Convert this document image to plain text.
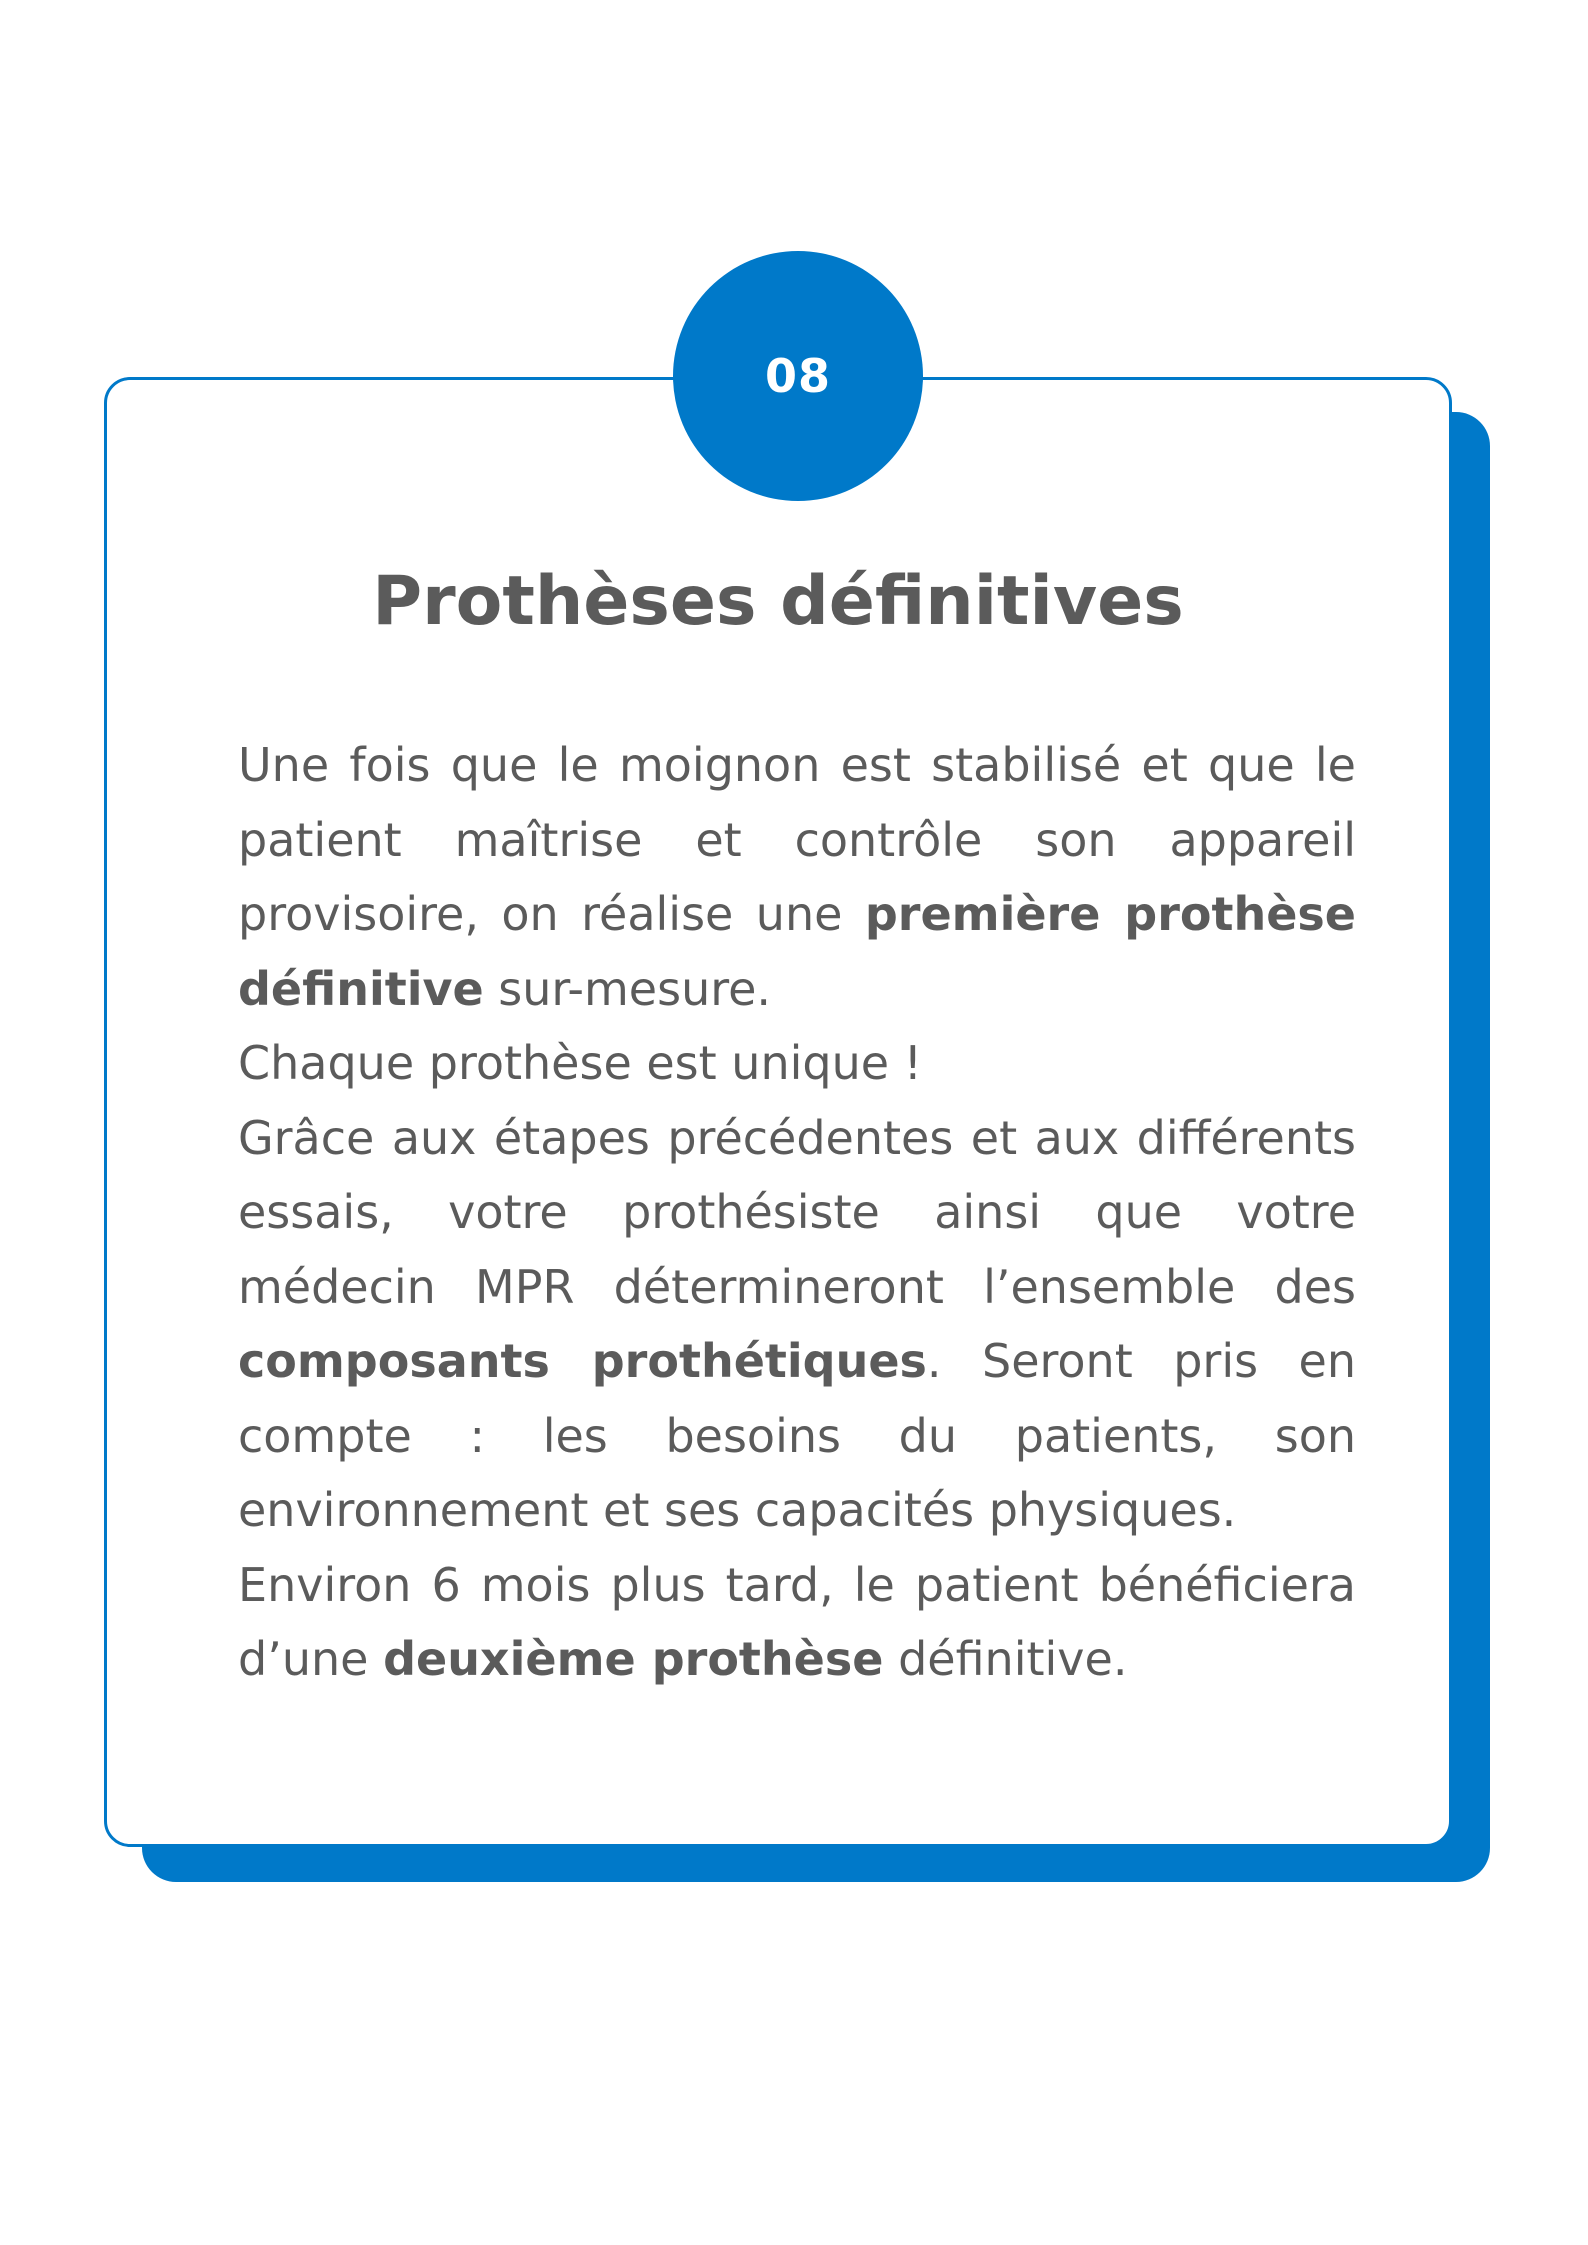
08
Prothèses définitives

Une fois que le moignon est stabilisé et que le patient maîtrise et contrôle son appareil provisoire, on réalise une première prothèse définitive sur-mesure.

Chaque prothèse est unique !

Grâce aux étapes précédentes et aux différents essais, votre prothésiste ainsi que votre médecin MPR détermineront l’ensemble des composants prothétiques. Seront pris en compte : les besoins du patients, son environnement et ses capacités physiques.

Environ 6 mois plus tard, le patient bénéficiera d’une deuxième prothèse définitive.
